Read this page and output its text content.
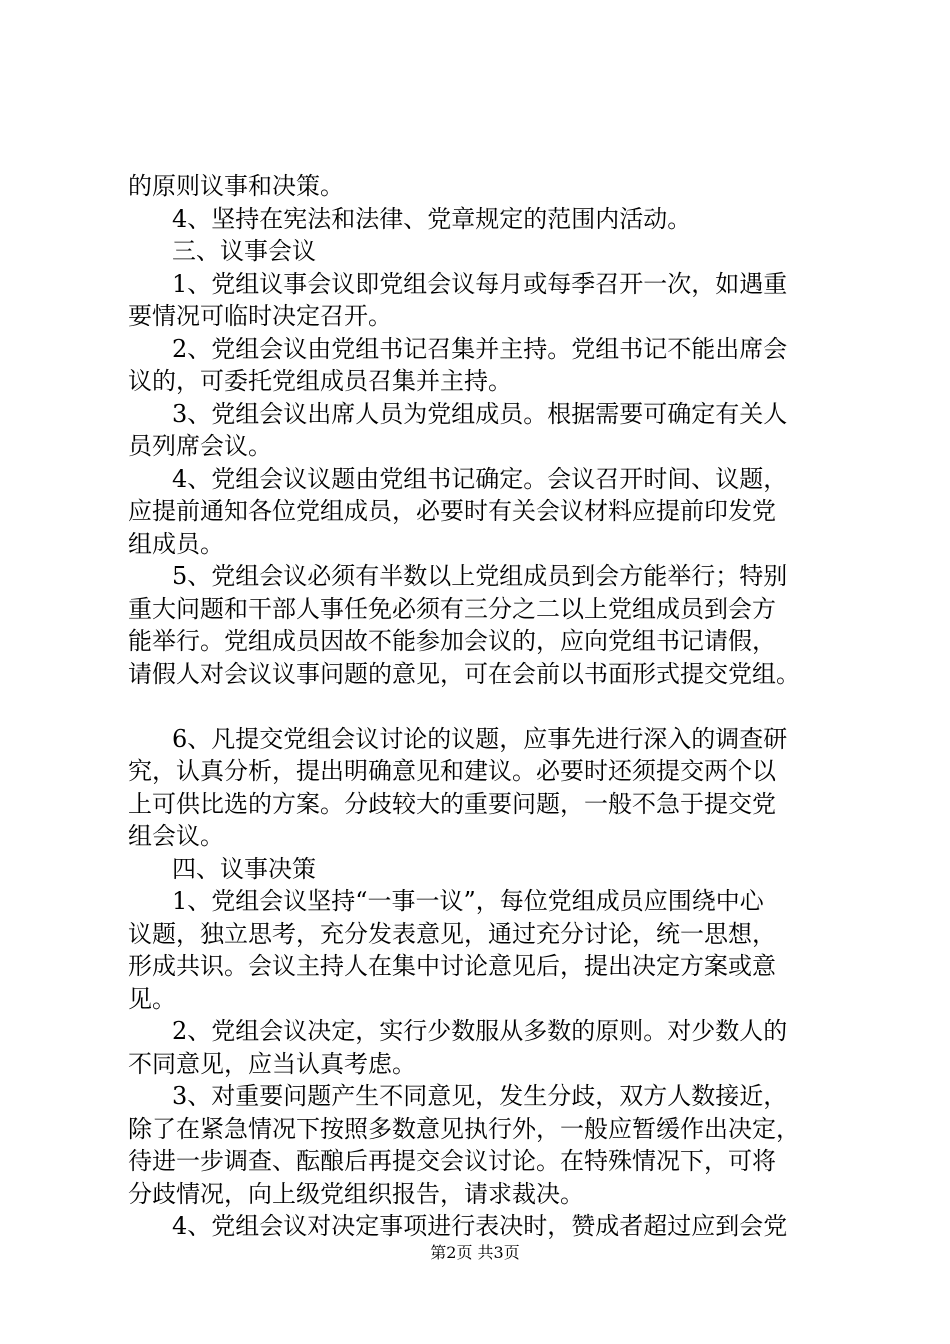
的原则议事和决策。
4、坚持在宪法和法律、党章规定的范围内活动。
三、议事会议
1、党组议事会议即党组会议每月或每季召开一次，如遇重
要情况可临时决定召开。
2、党组会议由党组书记召集并主持。党组书记不能出席会
议的，可委托党组成员召集并主持。
3、党组会议出席人员为党组成员。根据需要可确定有关人
员列席会议。
4、党组会议议题由党组书记确定。会议召开时间、议题，
应提前通知各位党组成员，必要时有关会议材料应提前印发党
组成员。
5、党组会议必须有半数以上党组成员到会方能举行；特别
重大问题和干部人事任免必须有三分之二以上党组成员到会方
能举行。党组成员因故不能参加会议的，应向党组书记请假，
请假人对会议议事问题的意见，可在会前以书面形式提交党组。
6、凡提交党组会议讨论的议题，应事先进行深入的调查研
究，认真分析，提出明确意见和建议。必要时还须提交两个以
上可供比选的方案。分歧较大的重要问题，一般不急于提交党
组会议。
四、议事决策
1、党组会议坚持“一事一议”，每位党组成员应围绕中心
议题，独立思考，充分发表意见，通过充分讨论，统一思想，
形成共识。会议主持人在集中讨论意见后，提出决定方案或意
见。
2、党组会议决定，实行少数服从多数的原则。对少数人的
不同意见，应当认真考虑。
3、对重要问题产生不同意见，发生分歧，双方人数接近，
除了在紧急情况下按照多数意见执行外，一般应暂缓作出决定，
待进一步调查、酝酿后再提交会议讨论。在特殊情况下，可将
分歧情况，向上级党组织报告，请求裁决。
4、党组会议对决定事项进行表决时，赞成者超过应到会党
第2页 共3页
